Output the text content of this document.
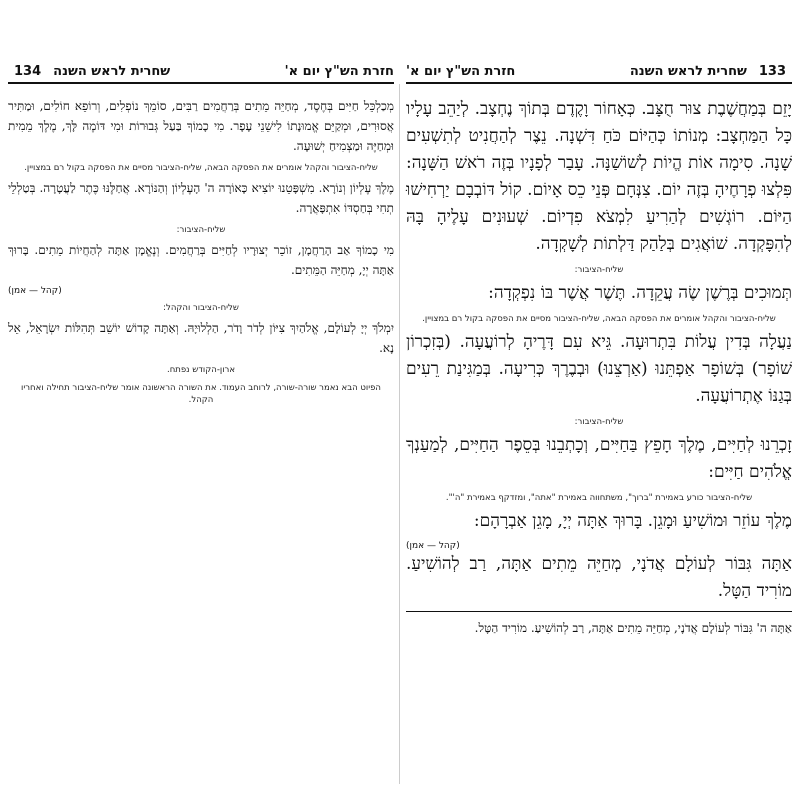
חזרת הש"ץ יום א'
שחרית לראש השנה
134	133
שחרית לראש השנה
חזרת הש"ץ יום א'

מְכַלְכֵּל חַיִּים בְּחֶסֶד, מְחַיֵּה מֵתִים בְּרַחֲמִים רַבִּים, סוֹמֵךְ נוֹפְלִים, וְרוֹפֵא חוֹלִים, וּמַתִּיר אֲסוּרִים, וּמְקַיֵּם אֱמוּנָתוֹ לִישֵׁנֵי עָפָר. מִי כָמוֹךָ בַּעַל גְּבוּרוֹת וּמִי דּוֹמֶה לָּךְ, מֶלֶךְ מֵמִית וּמְחַיֶּה וּמַצְמִיחַ יְשׁוּעָה.

שליח-הציבור והקהל אומרים את הפסקה הבאה, שליח-הציבור מסיים את הפסקה בקול רם במצויין.

מֶלֶךְ עֶלְיוֹן וְנוֹרָא. מִשְׁפָּטֵנוּ יוֹצִיא כָּאוֹרָה ה' הָעֶלְיוֹן וְהַנּוֹרָא. אֲחַלֶּנּוּ כֶּתֶר לַעֲטָרָה. בְּטַלְלֵי תְחִי בְּחַסְדּוֹ אִתְפָּאֲרָה.

שליח-הציבור:

מִי כָמוֹךָ אַב הָרַחֲמָן, זוֹכֵר יְצוּרָיו לְחַיִּים בְּרַחֲמִים. וְנֶאֱמָן אַתָּה לְהַחֲיוֹת מֵתִים. בָּרוּךְ אַתָּה יְיָ, מְחַיֵּה הַמֵּתִים.

(קהל — אמן)
שליח-הציבור והקהל:

יִמְלֹךְ יְיָ לְעוֹלָם, אֱלֹהַיִךְ צִיּוֹן לְדֹר וָדֹר, הַלְלוּיָהּ. וְאַתָּה קָדוֹשׁ יוֹשֵׁב תְּהִלּוֹת יִשְׂרָאֵל, אֵל נָא.

ארון-הקודש נפתח.
הפיוט הבא נאמר שורה-שורה, לרוחב העמוד. את השורה הראשונה אומר שליח-הציבור תחילה ואחריו הקהל.

יָזֵם בְּמַחֲשֶׁבֶת צוּר חֻצָּב. כְּאָחוֹר וָקֶדֶם בְּתוֹךְ נֶחְצָב. לְיַהֵב עָלָיו כָּל הַמַּחְצָב: מְנוֹתוֹ כְּהַיּוֹם כֹּחַ דִּשְׁנָה. נֵצֶר לְהַחֲנִיט לְתִשְׁעִים שָׁנָה. סִימָה אוֹת הֱיוֹת לְשׁוֹשַׁנָּה. עָבַר לְפָנָיו בְּזֶה רֹאשׁ הַשָּׁנָה: פִּלְצוּ פְרָחֶיהָ בְּזֶה יוֹם. צִנְּחָם פְּנֵי כֵס אָיוֹם. קוֹל דּוֹבְבָם יַרְחִישׁוּ הַיּוֹם. רוֹגְשִׁים לְהַרִיעַ לִמְצֹא פִדְיוֹם. שְׁעוּנִים עָלֶיהָ בָּהּ לְהִפָּקְדָה. שׁוֹאֲגִים בְּלַהַק דַּלְתוֹת לְשָׁקְדָה.

שליח-הציבור:

תְּמוּכִים בְּרֶשֶׁן שֶׂה עֲקֵדָה. תֶּשֶׁר אֲשֶׁר בּוֹ נִפְקְדָה:

שליח-הציבור והקהל אומרים את הפסקה הבאה, שליח-הציבור מסיים את הפסקה בקול רם במצויין.

נַעֲלָה בְּדִין עֲלוֹת בִּתְרוּעָה. גֵּיא עִם דָּרֶיהָ לְרוֹעֲעָה. (בְּזִכְרוֹן שׁוֹפָר) בְּשׁוֹפָר אַפְתֵּנוּ (אַרְצֵנוּ) וּבְבֶרֶךְ כְּרִיעָה. בְּמַגִּינַת רֵעִים בְּגַנּוֹ אֶתְרוֹעֲעָה.

שליח-הציבור:

זָכְרֵנוּ לְחַיִּים, מֶלֶךְ חָפֵץ בַּחַיִּים, וְכָתְבֵנוּ בְּסֵפֶר הַחַיִּים, לְמַעַנְךָ אֱלֹהִים חַיִּים:

שליח-הציבור כורע באמירת "ברוך", משתחווה באמירת "אתה", ומזדקף באמירת "ה'".

מֶלֶךְ עוֹזֵר וּמוֹשִׁיעַ וּמָגֵן. בָּרוּךְ אַתָּה יְיָ, מָגֵן אַבְרָהָם:

(קהל — אמן)

אַתָּה גִּבּוֹר לְעוֹלָם אֲדֹנָי, מְחַיֵּה מֵתִים אַתָּה, רַב לְהוֹשִׁיעַ. מוֹרִיד הַטָּל.

אַתָּה ה' גִּבּוֹר לְעוֹלָם אֲדֹנָי, מְחַיֵּה מֵתִים אַתָּה, רַב לְהוֹשִׁיעַ. מוֹרִיד הַטָּל.
